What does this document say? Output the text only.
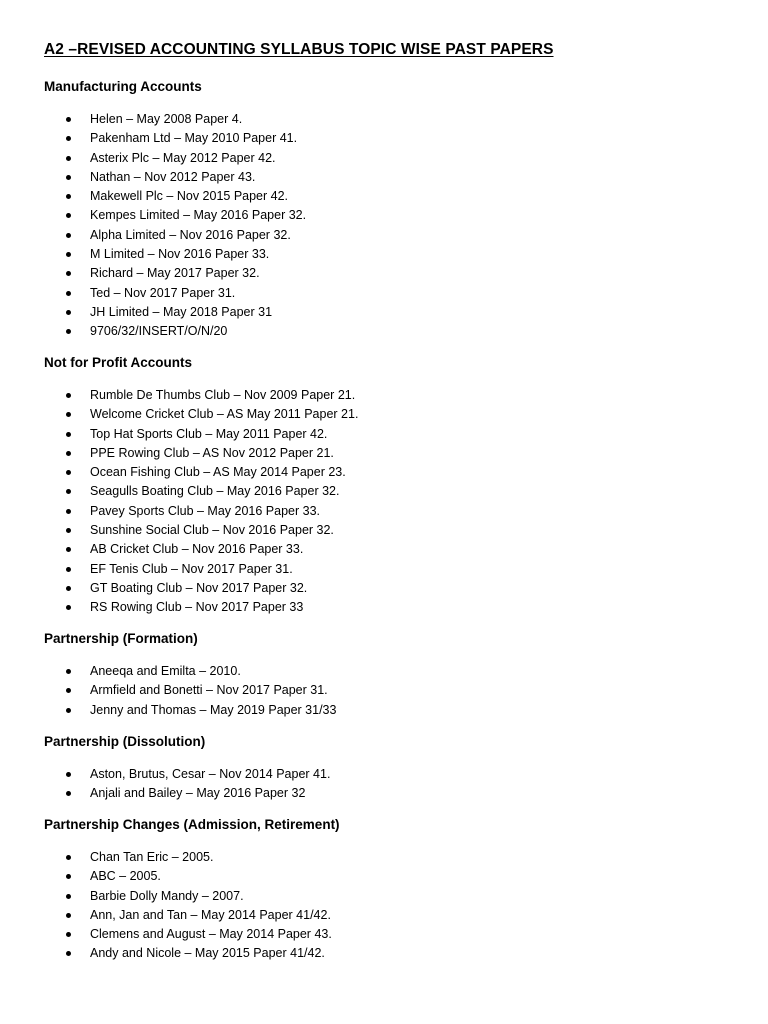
A2 –REVISED ACCOUNTING SYLLABUS TOPIC WISE PAST PAPERS
Manufacturing Accounts
Helen – May 2008 Paper 4.
Pakenham Ltd – May 2010 Paper 41.
Asterix Plc – May 2012 Paper 42.
Nathan – Nov 2012 Paper 43.
Makewell Plc – Nov 2015 Paper 42.
Kempes Limited – May 2016 Paper 32.
Alpha Limited – Nov 2016 Paper 32.
M Limited – Nov 2016 Paper 33.
Richard – May 2017 Paper 32.
Ted – Nov 2017 Paper 31.
JH Limited – May 2018 Paper 31
9706/32/INSERT/O/N/20
Not for Profit Accounts
Rumble De Thumbs Club – Nov 2009 Paper 21.
Welcome Cricket Club – AS May 2011 Paper 21.
Top Hat Sports Club – May 2011 Paper 42.
PPE Rowing Club – AS Nov 2012 Paper 21.
Ocean Fishing Club – AS May 2014 Paper 23.
Seagulls Boating Club – May 2016 Paper 32.
Pavey Sports Club – May 2016 Paper 33.
Sunshine Social Club – Nov 2016 Paper 32.
AB Cricket Club – Nov 2016 Paper 33.
EF Tenis Club – Nov 2017 Paper 31.
GT Boating Club – Nov 2017 Paper 32.
RS Rowing Club – Nov 2017 Paper 33
Partnership (Formation)
Aneeqa and Emilta – 2010.
Armfield and Bonetti – Nov 2017 Paper 31.
Jenny and Thomas – May 2019 Paper 31/33
Partnership (Dissolution)
Aston, Brutus, Cesar – Nov 2014 Paper 41.
Anjali and Bailey – May 2016 Paper 32
Partnership Changes (Admission, Retirement)
Chan Tan Eric – 2005.
ABC – 2005.
Barbie Dolly Mandy – 2007.
Ann, Jan and Tan – May 2014 Paper 41/42.
Clemens and August – May 2014 Paper 43.
Andy and Nicole – May 2015 Paper 41/42.
